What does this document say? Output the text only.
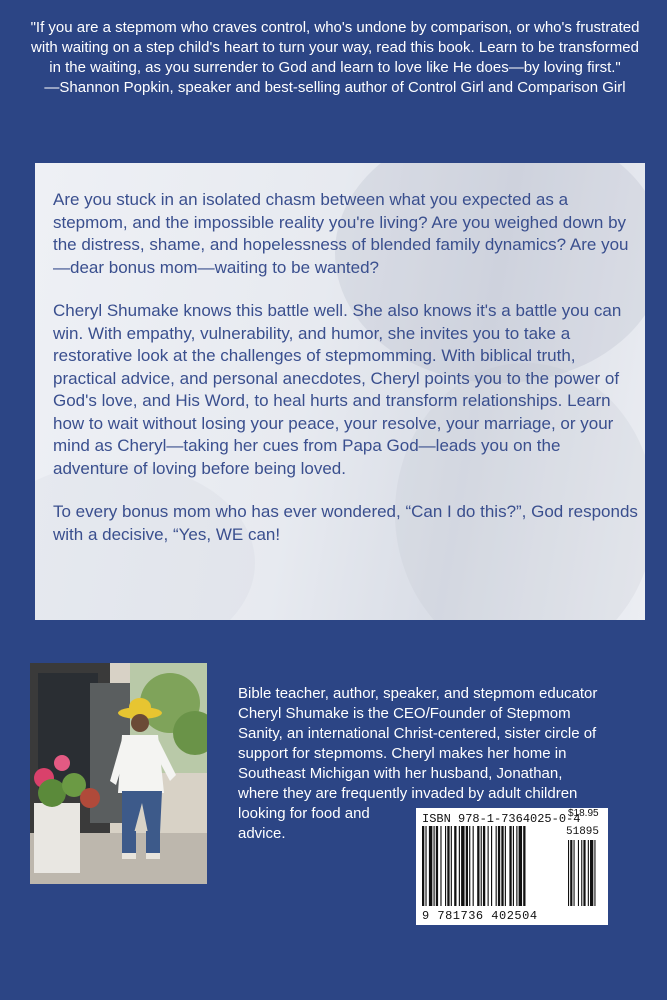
"If you are a stepmom who craves control, who's undone by comparison, or who's frustrated with waiting on a step child's heart to turn your way, read this book. Learn to be transformed in the waiting, as you surrender to God and learn to love like He does—by loving first."
—Shannon Popkin, speaker and best-selling author of Control Girl and Comparison Girl

Are you stuck in an isolated chasm between what you expected as a stepmom, and the impossible reality you're living? Are you weighed down by the distress, shame, and hopelessness of blended family dynamics? Are you—dear bonus mom—waiting to be wanted?

Cheryl Shumake knows this battle well. She also knows it's a battle you can win. With empathy, vulnerability, and humor, she invites you to take a restorative look at the challenges of stepmomming. With biblical truth, practical advice, and personal anecdotes, Cheryl points you to the power of God's love, and His Word, to heal hurts and transform relationships. Learn how to wait without losing your peace, your resolve, your marriage, or your mind as Cheryl—taking her cues from Papa God—leads you on the adventure of loving before being loved.

To every bonus mom who has ever wondered, “Can I do this?”, God responds with a decisive, “Yes, WE can!

Bible teacher, author, speaker, and stepmom educator
Cheryl Shumake is the CEO/Founder of Stepmom
Sanity, an international Christ-centered, sister circle of
support for stepmoms. Cheryl makes her home in
Southeast Michigan with her husband, Jonathan,
where they are frequently invaded by adult children
looking for food and
advice.
ISBN 978-1-7364025-0-4
$18.95
51895
9 781736 402504
